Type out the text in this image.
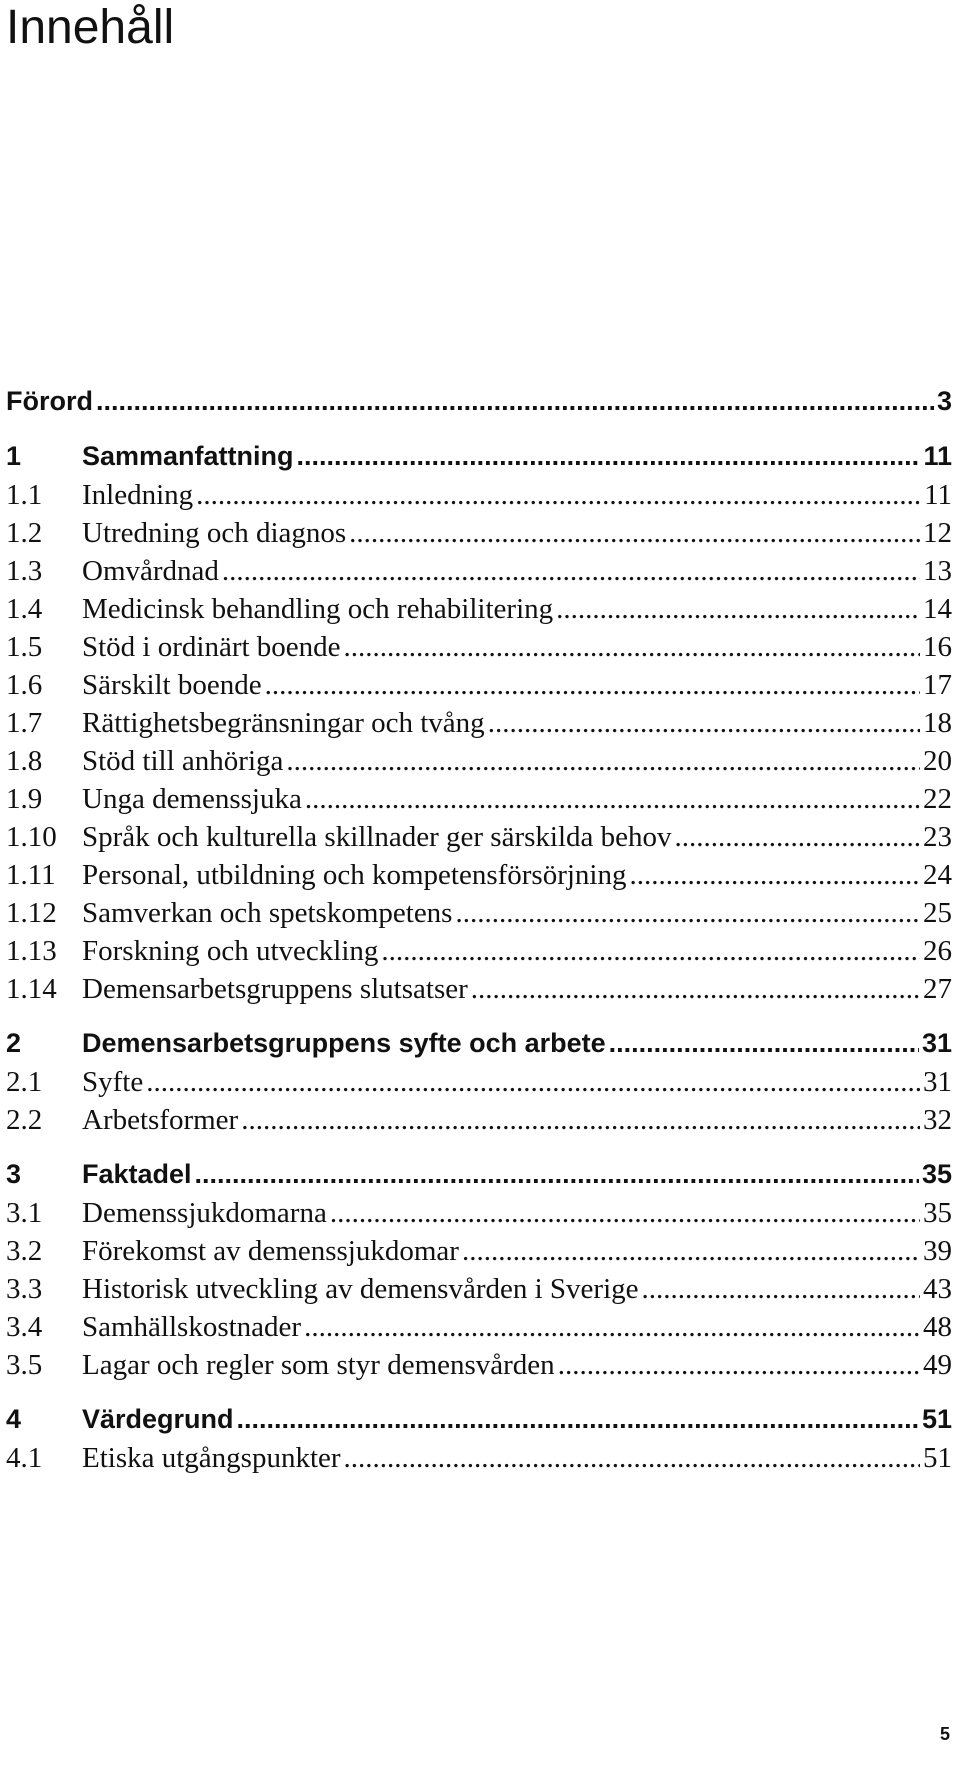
Innehåll
Förord .....	3
1	Sammanfattning .....	11
1.1	Inledning .....	11
1.2	Utredning och diagnos .....	12
1.3	Omvårdnad .....	13
1.4	Medicinsk behandling och rehabilitering .....	14
1.5	Stöd i ordinärt boende .....	16
1.6	Särskilt boende .....	17
1.7	Rättighetsbegränsningar och tvång .....	18
1.8	Stöd till anhöriga .....	20
1.9	Unga demenssjuka .....	22
1.10 Språk och kulturella skillnader ger särskilda behov .....	23
1.11 Personal, utbildning och kompetensförsörjning .....	24
1.12 Samverkan och spetskompetens .....	25
1.13 Forskning och utveckling .....	26
1.14 Demensarbetsgruppens slutsatser .....	27
2	Demensarbetsgruppens syfte och arbete .....	31
2.1	Syfte .....	31
2.2	Arbetsformer .....	32
3	Faktadel .....	35
3.1	Demenssjukdomarna .....	35
3.2	Förekomst av demenssjukdomar .....	39
3.3	Historisk utveckling av demensvården i Sverige .....	43
3.4	Samhällskostnader .....	48
3.5	Lagar och regler som styr demensvården .....	49
4	Värdegrund .....	51
4.1	Etiska utgångspunkter .....	51
5
